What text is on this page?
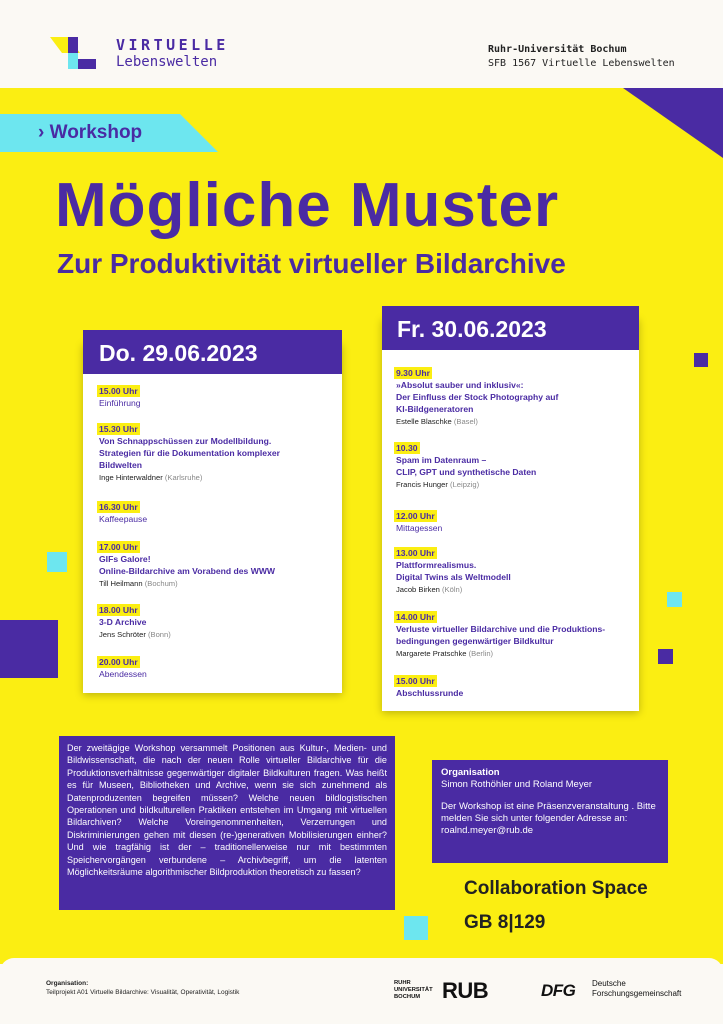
VIRTUELLE
Lebenswelten
Ruhr-Universität Bochum
SFB 1567 Virtuelle Lebenswelten
› Workshop
Mögliche Muster
Zur Produktivität virtueller Bildarchive
Do. 29.06.2023
15.00 Uhr
Einführung
15.30 Uhr
Von Schnappschüssen zur Modellbildung.
Strategien für die Dokumentation komplexer
Bildwelten
Inge Hinterwaldner (Karlsruhe)
16.30 Uhr
Kaffeepause
17.00 Uhr
GIFs Galore!
Online-Bildarchive am Vorabend des WWW
Till Heilmann (Bochum)
18.00 Uhr
3-D Archive
Jens Schröter (Bonn)
20.00 Uhr
Abendessen
Fr. 30.06.2023
9.30 Uhr
»Absolut sauber und inklusiv«:
Der Einfluss der Stock Photography auf
KI-Bildgeneratoren
Estelle Blaschke (Basel)
10.30
Spam im Datenraum –
CLIP, GPT und synthetische Daten
Francis Hunger (Leipzig)
12.00 Uhr
Mittagessen
13.00 Uhr
Plattformrealismus.
Digital Twins als Weltmodell
Jacob Birken (Köln)
14.00 Uhr
Verluste virtueller Bildarchive und die Produktions-
bedingungen gegenwärtiger Bildkultur
Margarete Pratschke (Berlin)
15.00 Uhr
Abschlussrunde
Der zweitägige Workshop versammelt Positionen aus Kultur-, Medien- und Bildwissenschaft, die nach der neuen Rolle virtueller Bildarchive für die Produktionsverhältnisse gegenwärtiger digitaler Bildkulturen fragen. Was heißt es für Museen, Bibliotheken und Archive, wenn sie sich zunehmend als Datenproduzenten begreifen müssen? Welche neuen bildlogistischen Operationen und bildkulturellen Praktiken entstehen im Umgang mit virtuellen Bildarchiven? Welche Voreingenommenheiten, Verzerrungen und Diskriminierungen gehen mit diesen (re-)generativen Mobilisierungen einher? Und wie tragfähig ist der – traditionellerweise nur mit bestimmten Speichervorgängen verbundene – Archivbegriff, um die latenten Möglichkeitsräume algorithmischer Bildproduktion theoretisch zu fassen?
Organisation
Simon Rothöhler und Roland Meyer
Der Workshop ist eine Präsenzveranstaltung . Bitte melden Sie sich unter folgender Adresse an:
roalnd.meyer@rub.de
Collaboration Space
GB 8|129
Organisation:
Teilprojekt A01 Virtuelle Bildarchive: Visualität, Operativität, Logistik
RUHR
UNIVERSITÄT
BOCHUM RUB	DFG Deutsche
Forschungsgemeinschaft
